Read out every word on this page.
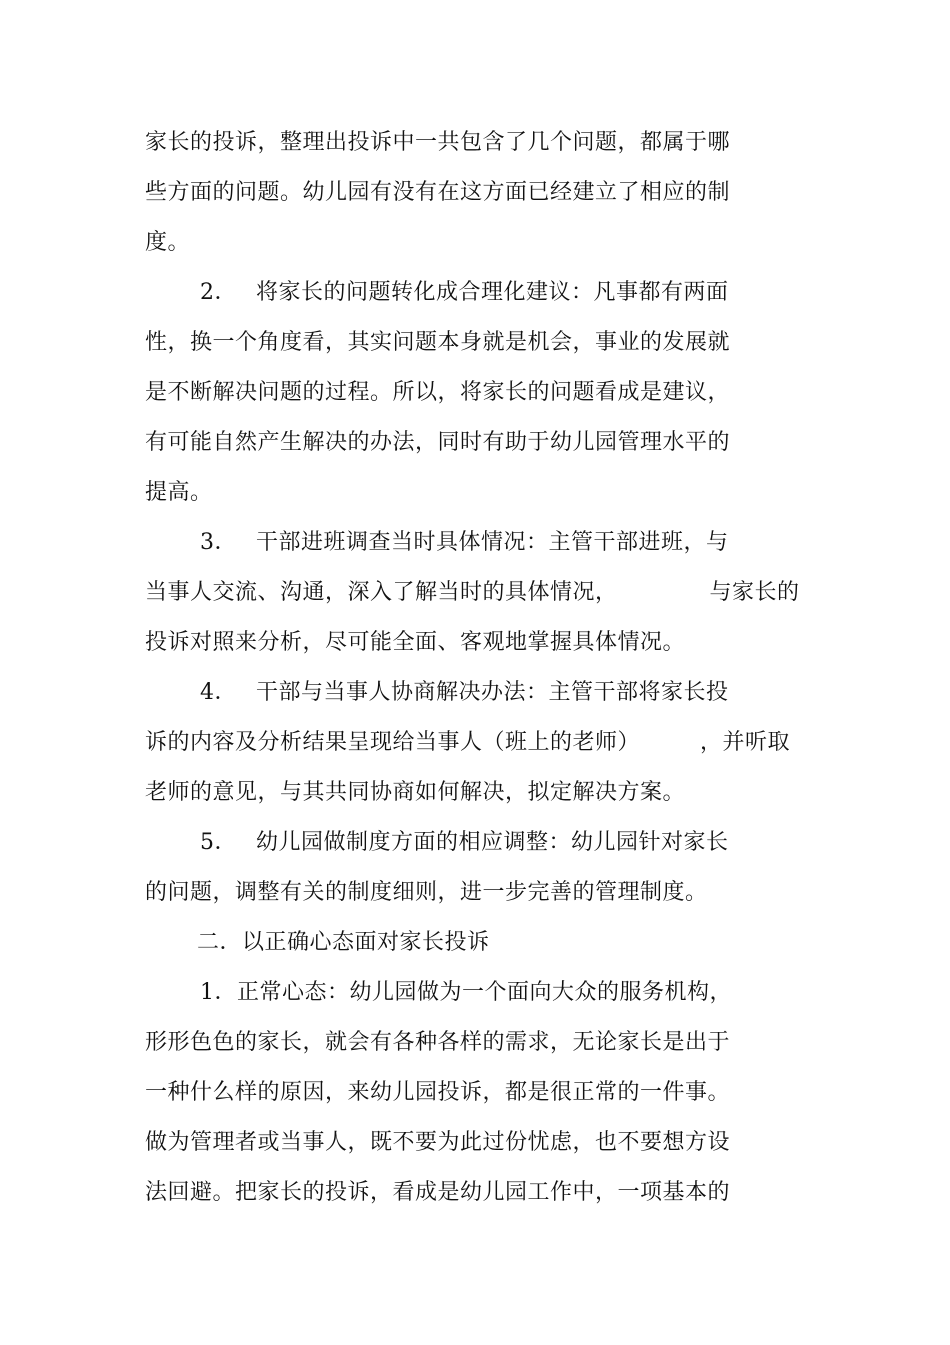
家长的投诉，整理出投诉中一共包含了几个问题，都属于哪
些方面的问题。幼儿园有没有在这方面已经建立了相应的制
度。
2． 将家长的问题转化成合理化建议：凡事都有两面
性，换一个角度看，其实问题本身就是机会，事业的发展就
是不断解决问题的过程。所以，将家长的问题看成是建议，
有可能自然产生解决的办法，同时有助于幼儿园管理水平的
提高。
3． 干部进班调查当时具体情况：主管干部进班，与
当事人交流、沟通，深入了解当时的具体情况，	与家长的
投诉对照来分析，尽可能全面、客观地掌握具体情况。
4． 干部与当事人协商解决办法：主管干部将家长投
诉的内容及分析结果呈现给当事人（班上的老师）	，并听取
老师的意见，与其共同协商如何解决，拟定解决方案。
5． 幼儿园做制度方面的相应调整：幼儿园针对家长
的问题，调整有关的制度细则，进一步完善的管理制度。
二．以正确心态面对家长投诉
1．正常心态：幼儿园做为一个面向大众的服务机构，
形形色色的家长，就会有各种各样的需求，无论家长是出于
一种什么样的原因，来幼儿园投诉，都是很正常的一件事。
做为管理者或当事人，既不要为此过份忧虑，也不要想方设
法回避。把家长的投诉，看成是幼儿园工作中，一项基本的
